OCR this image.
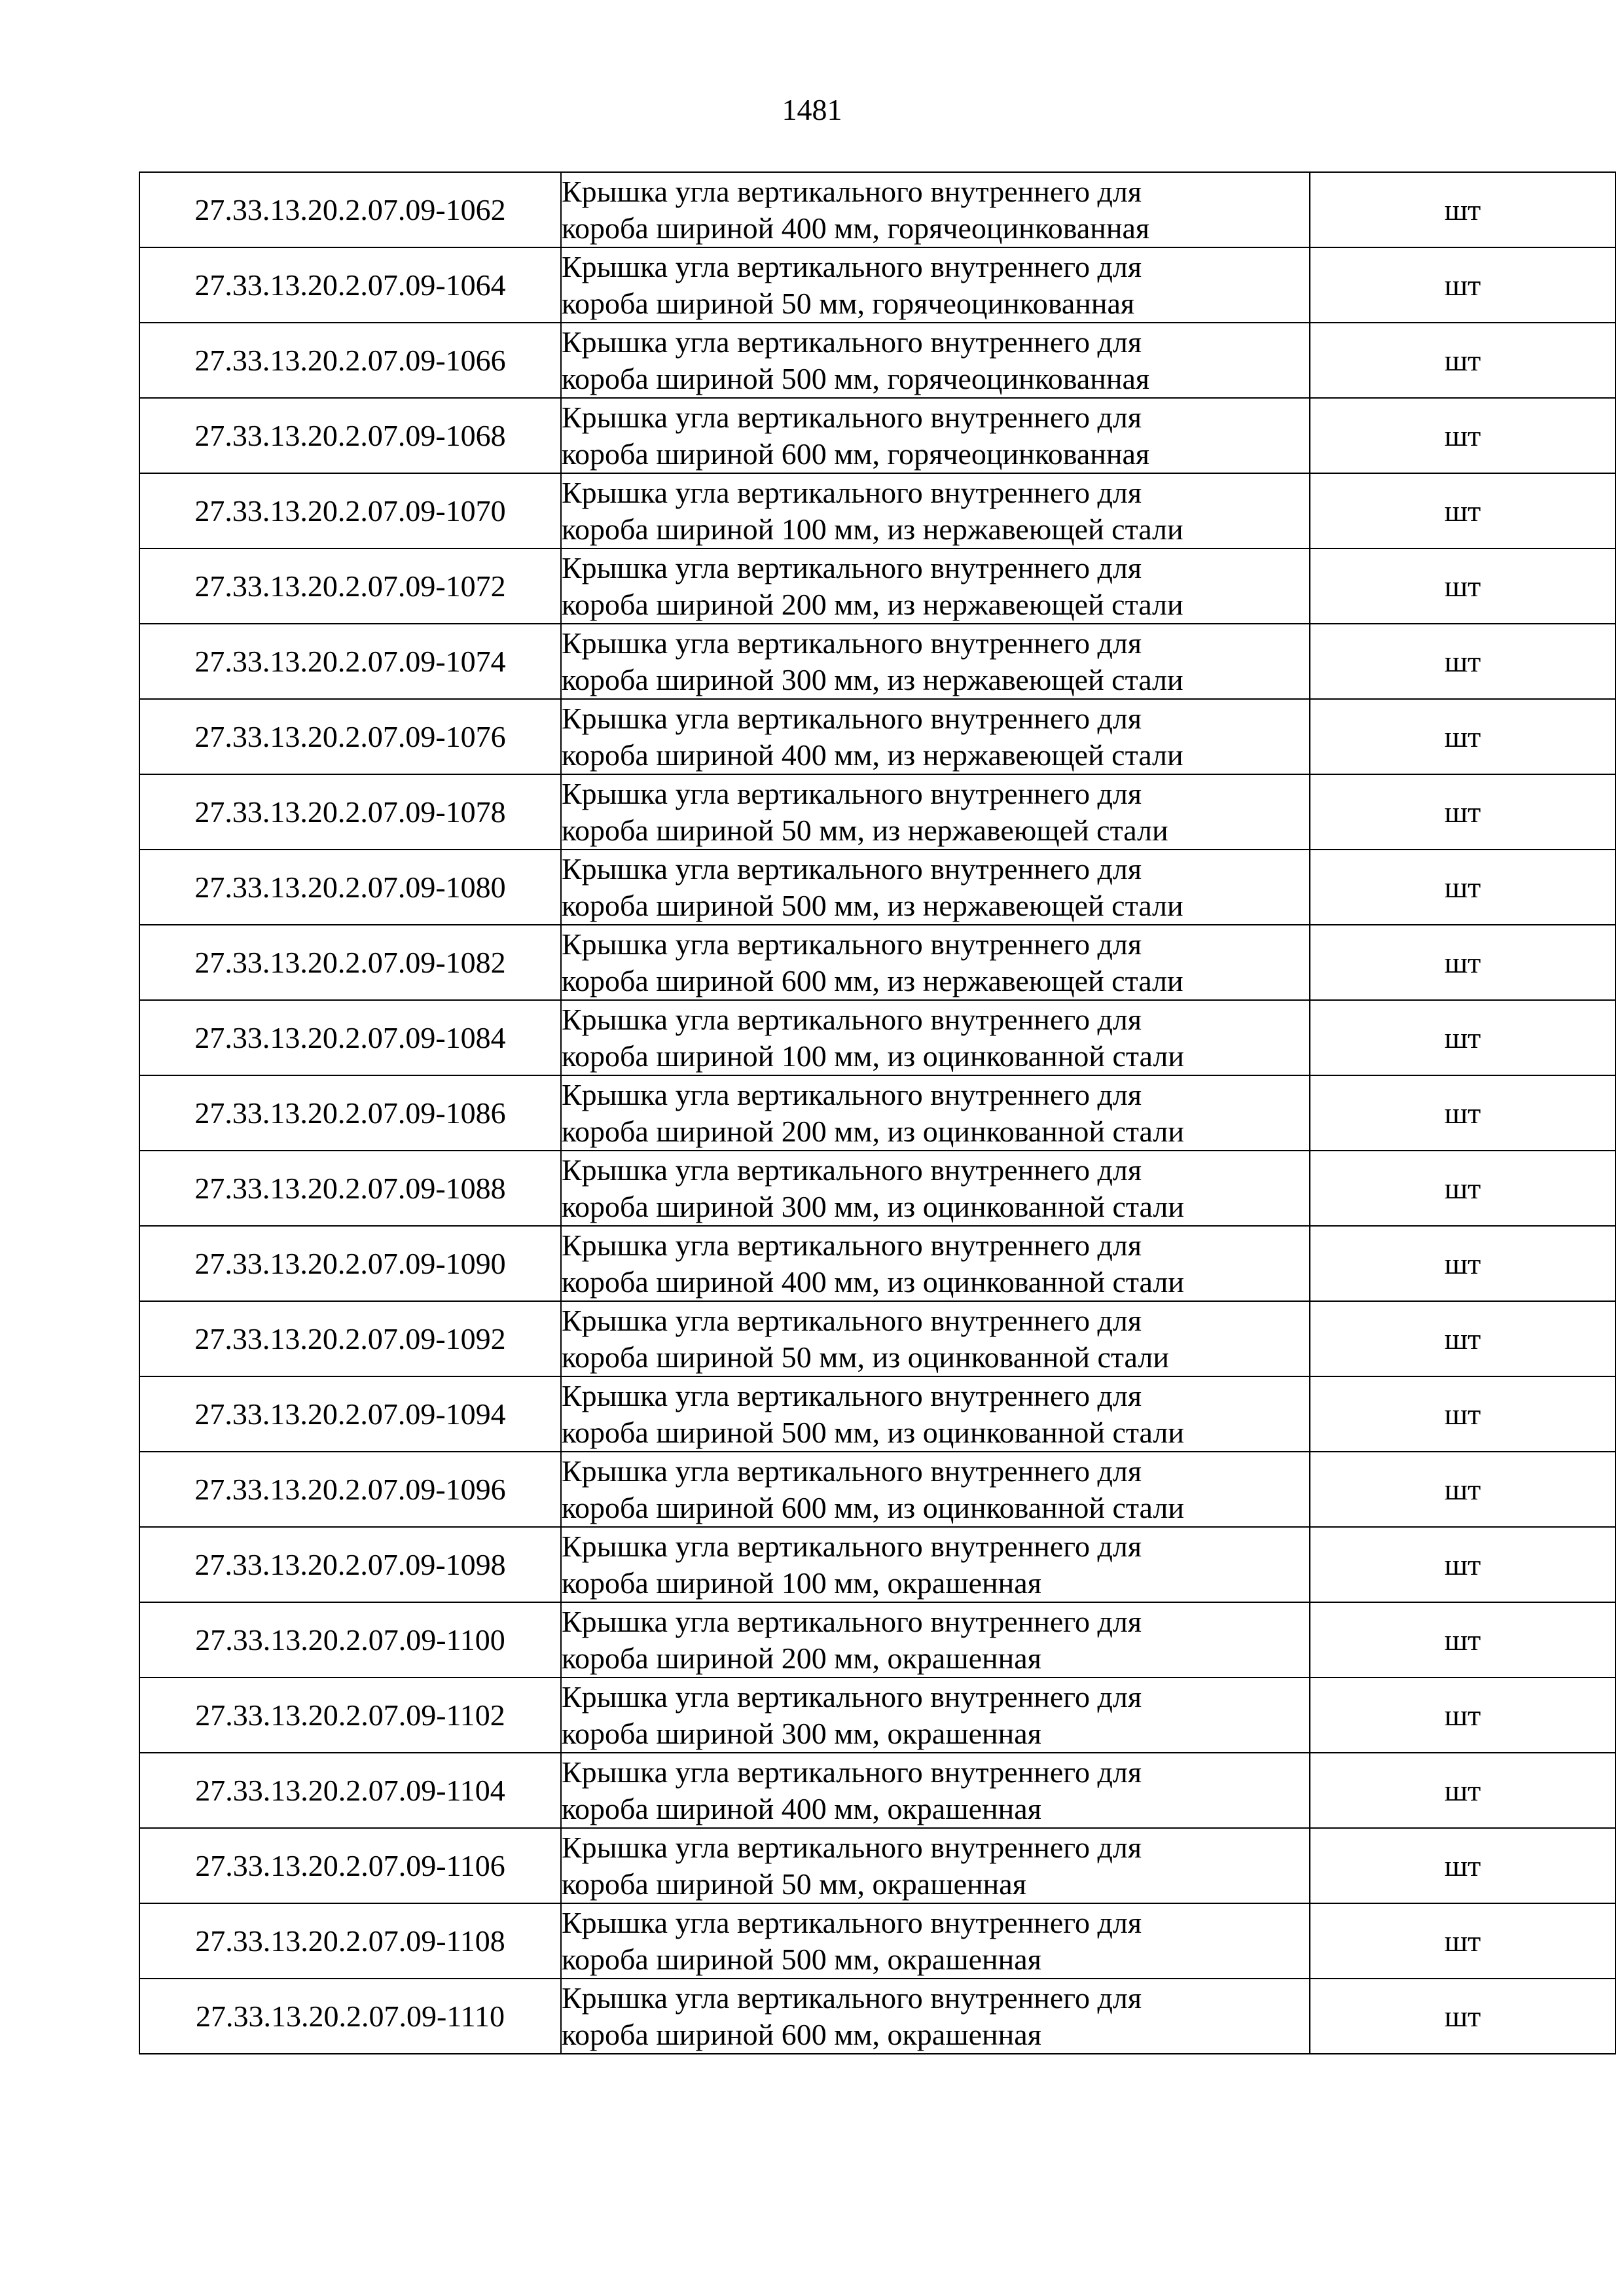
1481
27.33.13.20.2.07.09-1062	Крышка угла вертикального внутреннего для
короба шириной 400 мм, горячеоцинкованная	шт
27.33.13.20.2.07.09-1064	Крышка угла вертикального внутреннего для
короба шириной 50 мм, горячеоцинкованная	шт
27.33.13.20.2.07.09-1066	Крышка угла вертикального внутреннего для
короба шириной 500 мм, горячеоцинкованная	шт
27.33.13.20.2.07.09-1068	Крышка угла вертикального внутреннего для
короба шириной 600 мм, горячеоцинкованная	шт
27.33.13.20.2.07.09-1070	Крышка угла вертикального внутреннего для
короба шириной 100 мм, из нержавеющей стали	шт
27.33.13.20.2.07.09-1072	Крышка угла вертикального внутреннего для
короба шириной 200 мм, из нержавеющей стали	шт
27.33.13.20.2.07.09-1074	Крышка угла вертикального внутреннего для
короба шириной 300 мм, из нержавеющей стали	шт
27.33.13.20.2.07.09-1076	Крышка угла вертикального внутреннего для
короба шириной 400 мм, из нержавеющей стали	шт
27.33.13.20.2.07.09-1078	Крышка угла вертикального внутреннего для
короба шириной 50 мм, из нержавеющей стали	шт
27.33.13.20.2.07.09-1080	Крышка угла вертикального внутреннего для
короба шириной 500 мм, из нержавеющей стали	шт
27.33.13.20.2.07.09-1082	Крышка угла вертикального внутреннего для
короба шириной 600 мм, из нержавеющей стали	шт
27.33.13.20.2.07.09-1084	Крышка угла вертикального внутреннего для
короба шириной 100 мм, из оцинкованной стали	шт
27.33.13.20.2.07.09-1086	Крышка угла вертикального внутреннего для
короба шириной 200 мм, из оцинкованной стали	шт
27.33.13.20.2.07.09-1088	Крышка угла вертикального внутреннего для
короба шириной 300 мм, из оцинкованной стали	шт
27.33.13.20.2.07.09-1090	Крышка угла вертикального внутреннего для
короба шириной 400 мм, из оцинкованной стали	шт
27.33.13.20.2.07.09-1092	Крышка угла вертикального внутреннего для
короба шириной 50 мм, из оцинкованной стали	шт
27.33.13.20.2.07.09-1094	Крышка угла вертикального внутреннего для
короба шириной 500 мм, из оцинкованной стали	шт
27.33.13.20.2.07.09-1096	Крышка угла вертикального внутреннего для
короба шириной 600 мм, из оцинкованной стали	шт
27.33.13.20.2.07.09-1098	Крышка угла вертикального внутреннего для
короба шириной 100 мм, окрашенная	шт
27.33.13.20.2.07.09-1100	Крышка угла вертикального внутреннего для
короба шириной 200 мм, окрашенная	шт
27.33.13.20.2.07.09-1102	Крышка угла вертикального внутреннего для
короба шириной 300 мм, окрашенная	шт
27.33.13.20.2.07.09-1104	Крышка угла вертикального внутреннего для
короба шириной 400 мм, окрашенная	шт
27.33.13.20.2.07.09-1106	Крышка угла вертикального внутреннего для
короба шириной 50 мм, окрашенная	шт
27.33.13.20.2.07.09-1108	Крышка угла вертикального внутреннего для
короба шириной 500 мм, окрашенная	шт
27.33.13.20.2.07.09-1110	Крышка угла вертикального внутреннего для
короба шириной 600 мм, окрашенная	шт
